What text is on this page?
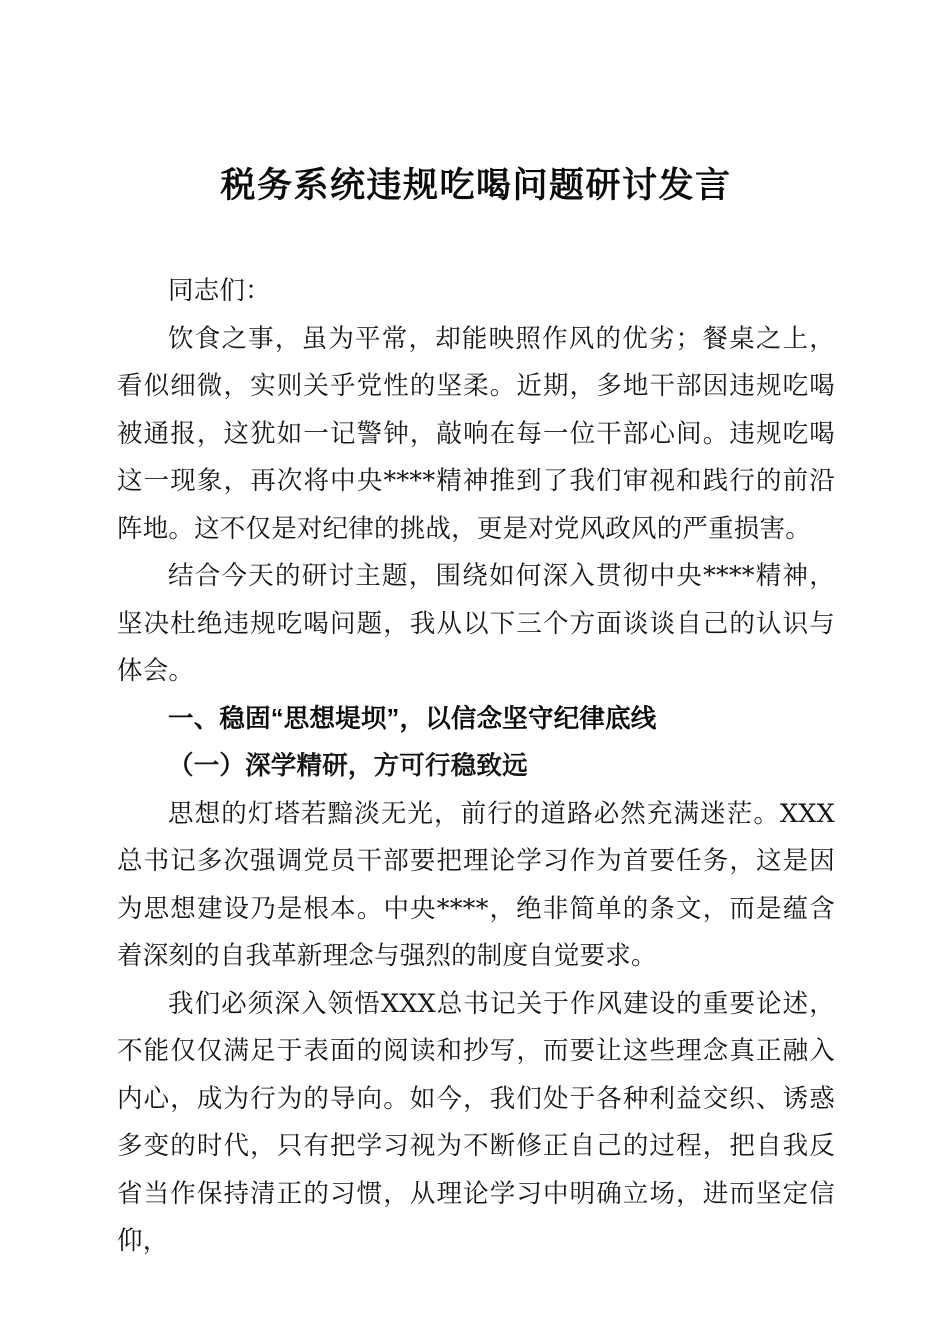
税务系统违规吃喝问题研讨发言

同志们：

饮食之事，虽为平常，却能映照作风的优劣；餐桌之上，看似细微，实则关乎党性的坚柔。近期，多地干部因违规吃喝被通报，这犹如一记警钟，敲响在每一位干部心间。违规吃喝这一现象，再次将中央****精神推到了我们审视和践行的前沿阵地。这不仅是对纪律的挑战，更是对党风政风的严重损害。

结合今天的研讨主题，围绕如何深入贯彻中央****精神，坚决杜绝违规吃喝问题，我从以下三个方面谈谈自己的认识与体会。

一、稳固“思想堤坝”，以信念坚守纪律底线
（一）深学精研，方可行稳致远

思想的灯塔若黯淡无光，前行的道路必然充满迷茫。XXX总书记多次强调党员干部要把理论学习作为首要任务，这是因为思想建设乃是根本。中央****，绝非简单的条文，而是蕴含着深刻的自我革新理念与强烈的制度自觉要求。

我们必须深入领悟XXX总书记关于作风建设的重要论述，不能仅仅满足于表面的阅读和抄写，而要让这些理念真正融入内心，成为行为的导向。如今，我们处于各种利益交织、诱惑多变的时代，只有把学习视为不断修正自己的过程，把自我反省当作保持清正的习惯，从理论学习中明确立场，进而坚定信仰，
